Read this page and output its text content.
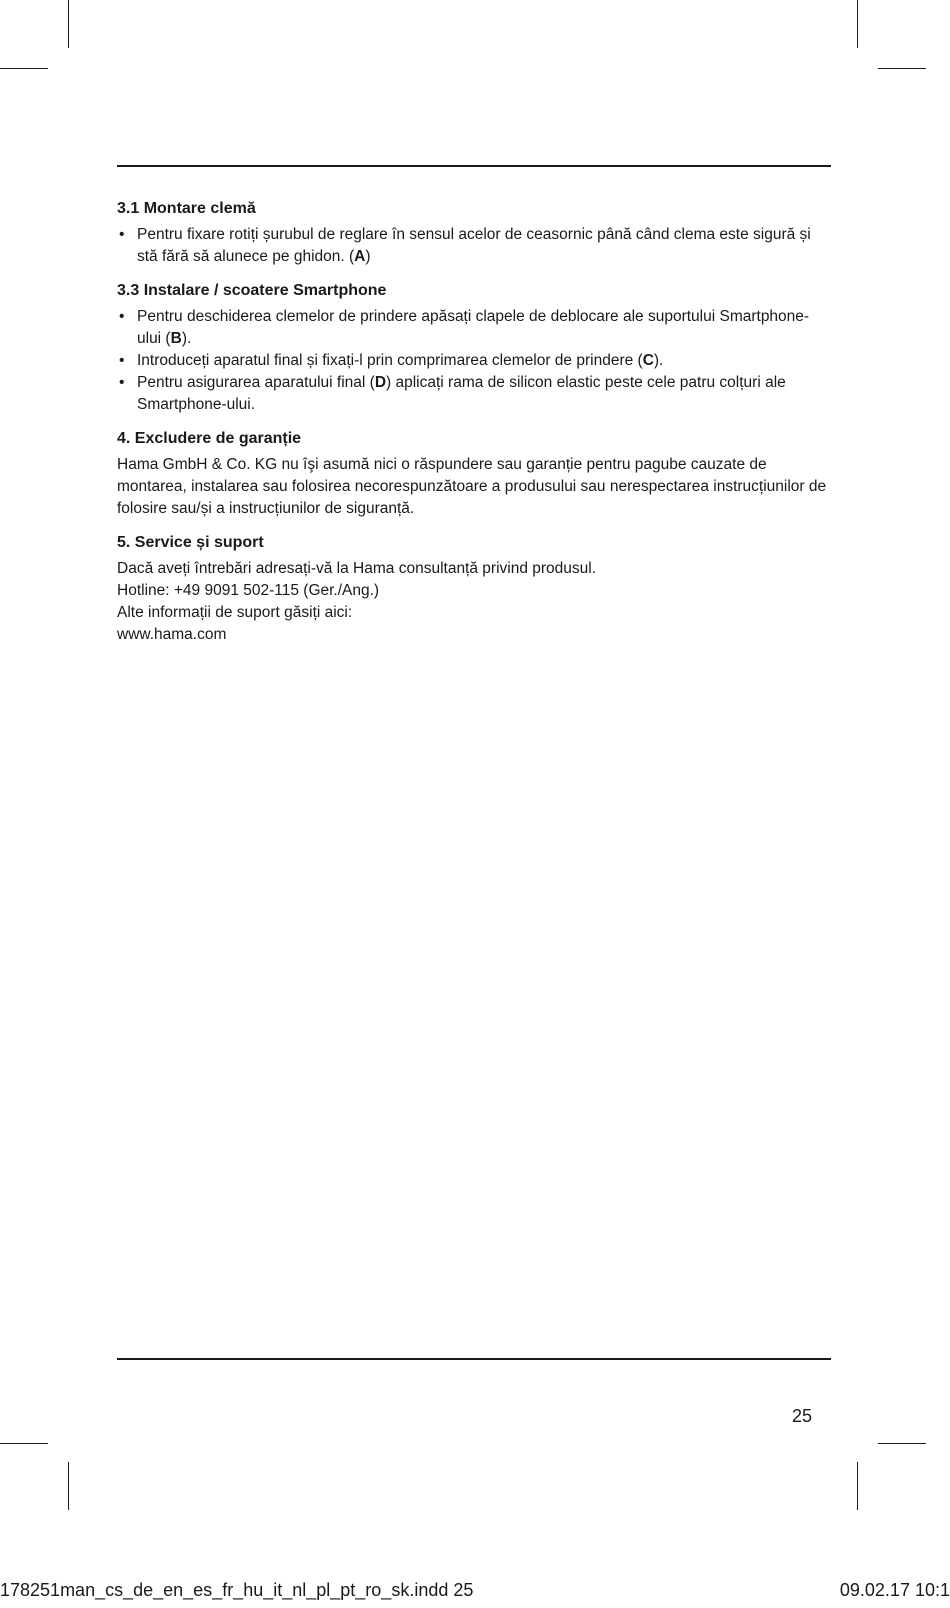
3.1 Montare clemă
• Pentru fixare rotiți șurubul de reglare în sensul acelor de ceasornic până când clema este sigură și stă fără să alunece pe ghidon. (A)
3.3 Instalare / scoatere Smartphone
• Pentru deschiderea clemelor de prindere apăsați clapele de deblocare ale suportului Smartphone-ului (B).
• Introduceți aparatul final și fixați-l prin comprimarea clemelor de prindere (C).
• Pentru asigurarea aparatului final (D) aplicați rama de silicon elastic peste cele patru colțuri ale Smartphone-ului.
4. Excludere de garanție

Hama GmbH & Co. KG nu îşi asumă nici o răspundere sau garanție pentru pagube cauzate de montarea, instalarea sau folosirea necorespunzătoare a produsului sau nerespectarea instrucțiunilor de folosire sau/și a instrucțiunilor de siguranță.

5. Service și suport
Dacă aveți întrebări adresați-vă la Hama consultanță privind produsul.
Hotline: +49 9091 502-115 (Ger./Ang.)
Alte informații de suport găsiți aici:
www.hama.com
25
178251man_cs_de_en_es_fr_hu_it_nl_pl_pt_ro_sk.indd 25	09.02.17 10:1
